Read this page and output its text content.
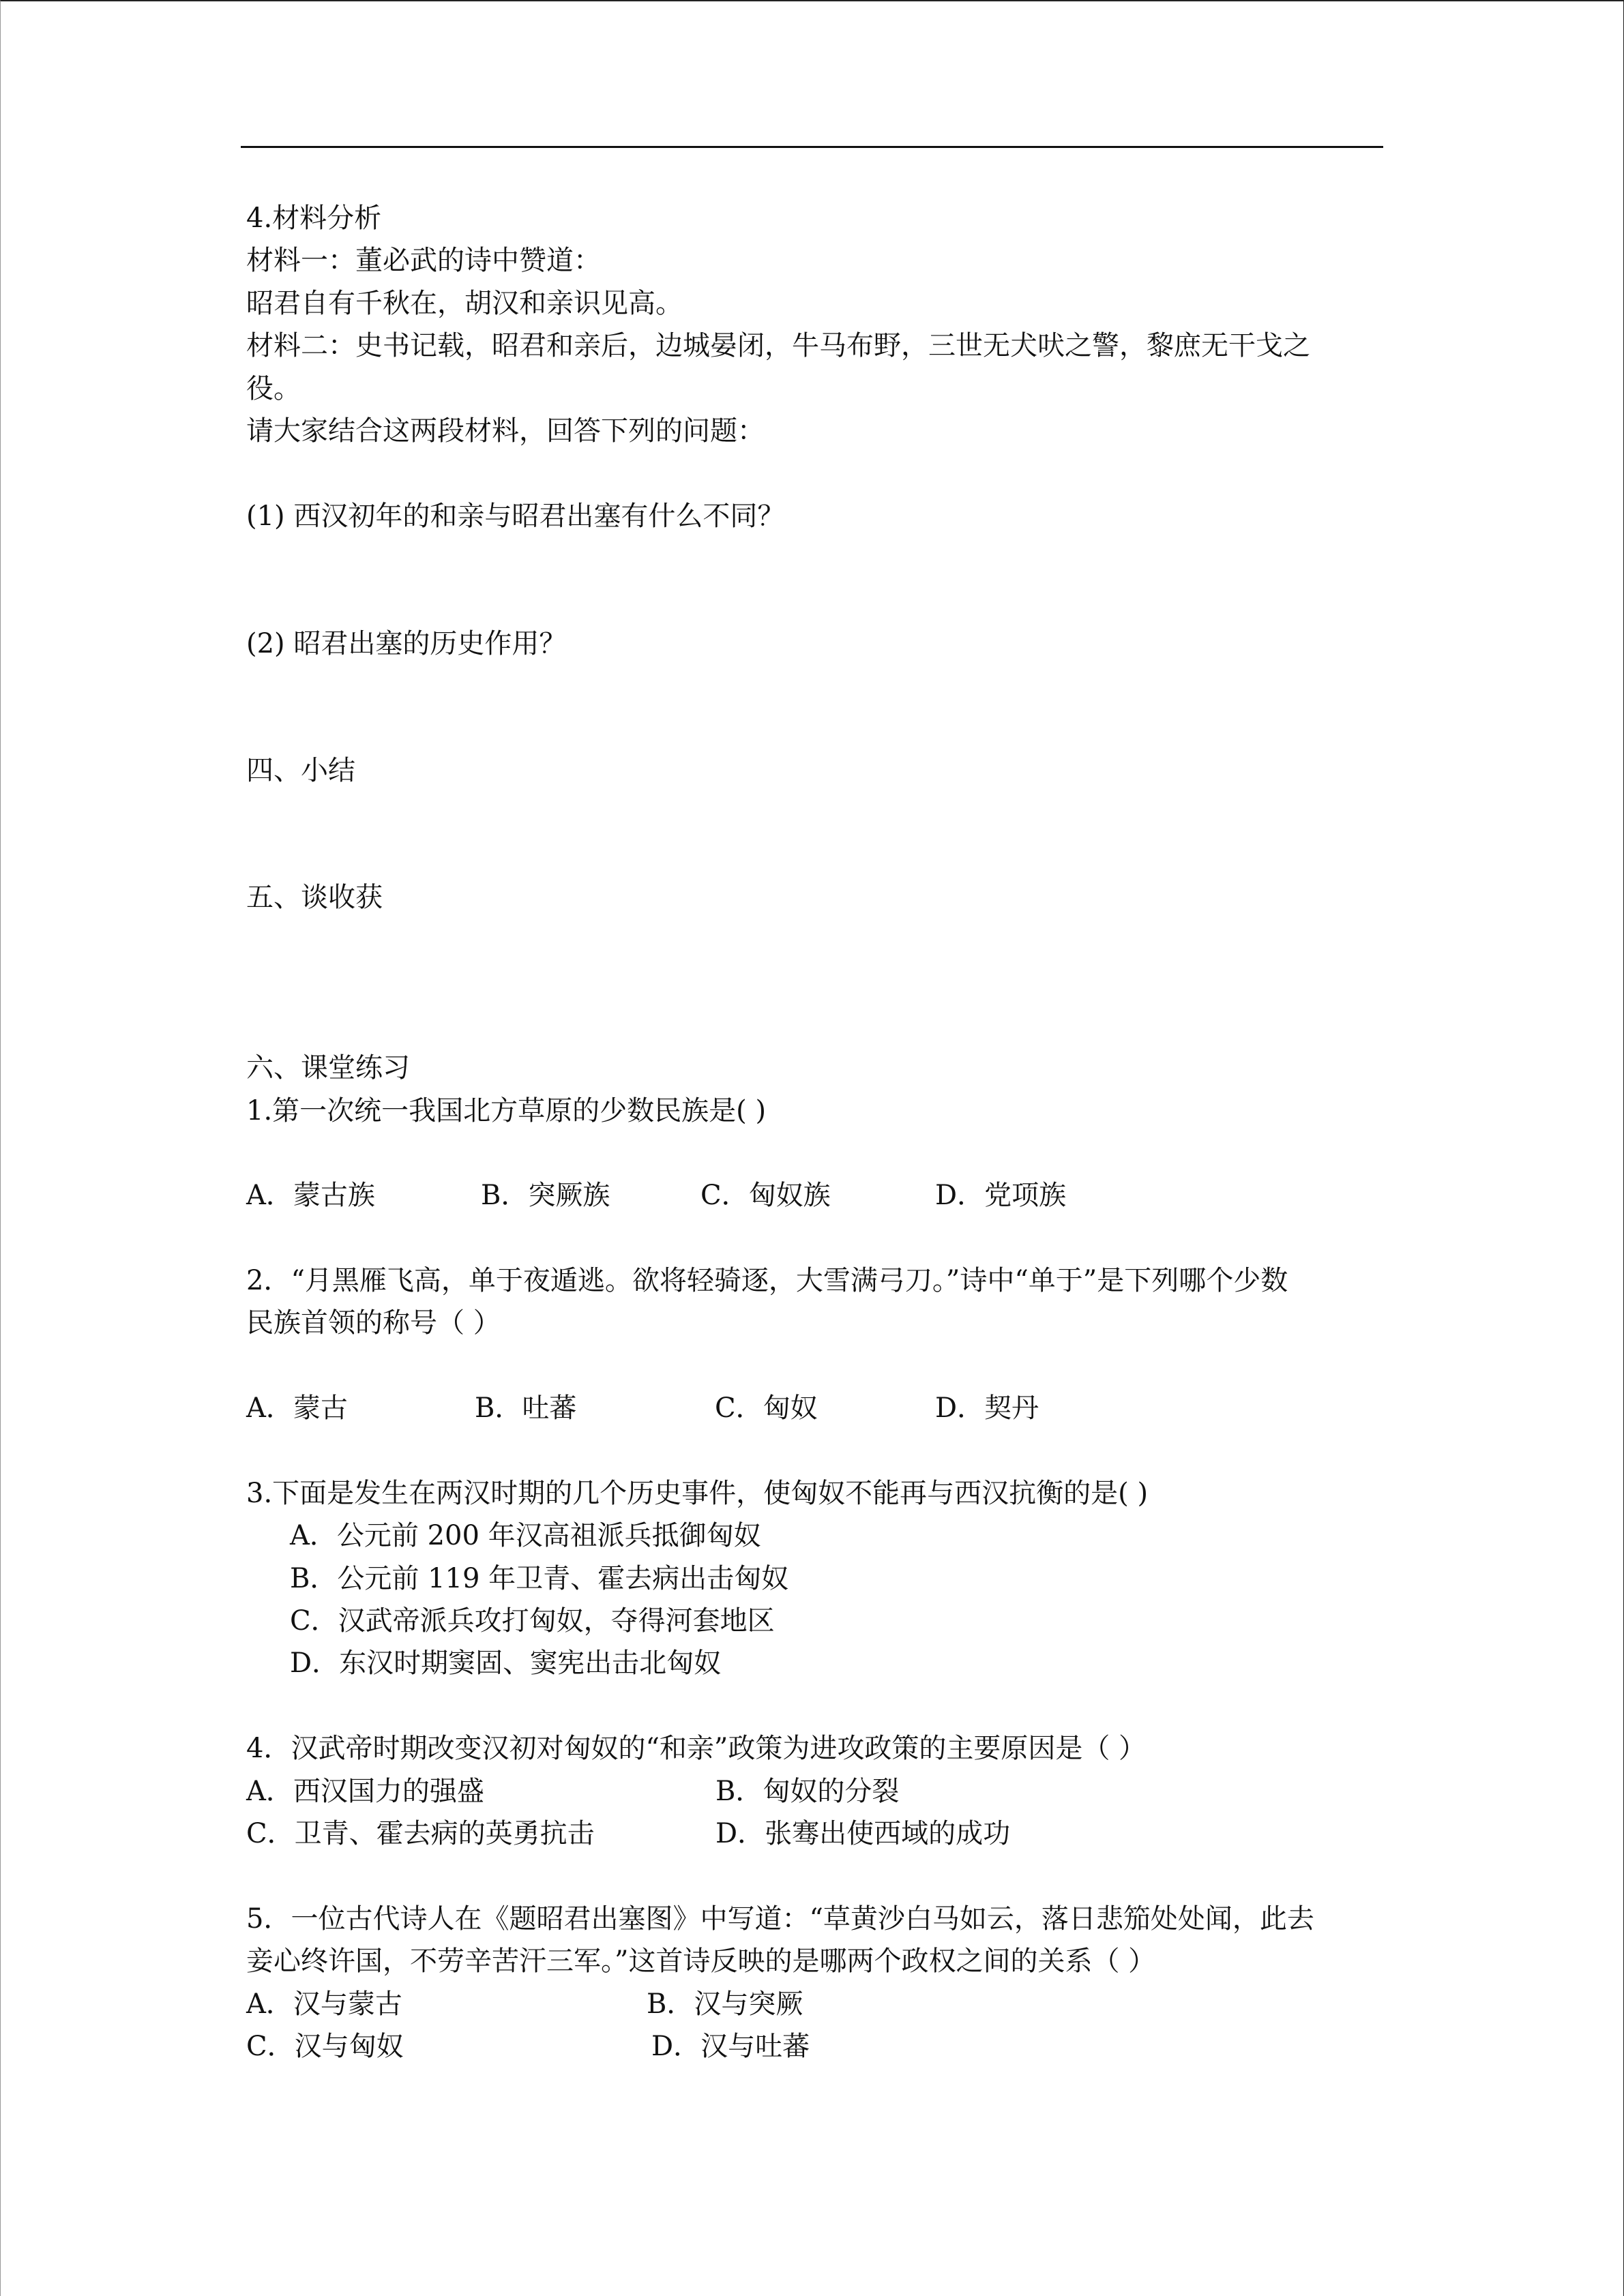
4.材料分析
材料一：董必武的诗中赞道：
昭君自有千秋在，胡汉和亲识见高。
材料二：史书记载，昭君和亲后，边城晏闭，牛马布野，三世无犬吠之警，黎庶无干戈之
役。
请大家结合这两段材料，回答下列的问题：
(1) 西汉初年的和亲与昭君出塞有什么不同？
(2) 昭君出塞的历史作用？
四、小结
五、谈收获
六、课堂练习
1.第一次统一我国北方草原的少数民族是( )
A．蒙古族	B．突厥族	C．匈奴族	D．党项族
2．“月黑雁飞高，单于夜遁逃。欲将轻骑逐，大雪满弓刀。”诗中“单于”是下列哪个少数
民族首领的称号（ ）
A．蒙古	B．吐蕃	C．匈奴	D．契丹
3.下面是发生在两汉时期的几个历史事件，使匈奴不能再与西汉抗衡的是( )
A．公元前 200 年汉高祖派兵抵御匈奴
B．公元前 119 年卫青、霍去病出击匈奴
C．汉武帝派兵攻打匈奴，夺得河套地区
D．东汉时期窦固、窦宪出击北匈奴
4．汉武帝时期改变汉初对匈奴的“和亲”政策为进攻政策的主要原因是（ ）
A．西汉国力的强盛	B．匈奴的分裂
C．卫青、霍去病的英勇抗击	D．张骞出使西域的成功
5．一位古代诗人在《题昭君出塞图》中写道：“草黄沙白马如云，落日悲笳处处闻，此去
妾心终许国，不劳辛苦汗三军。”这首诗反映的是哪两个政权之间的关系（ ）
A．汉与蒙古	B．汉与突厥
C．汉与匈奴	D．汉与吐蕃
